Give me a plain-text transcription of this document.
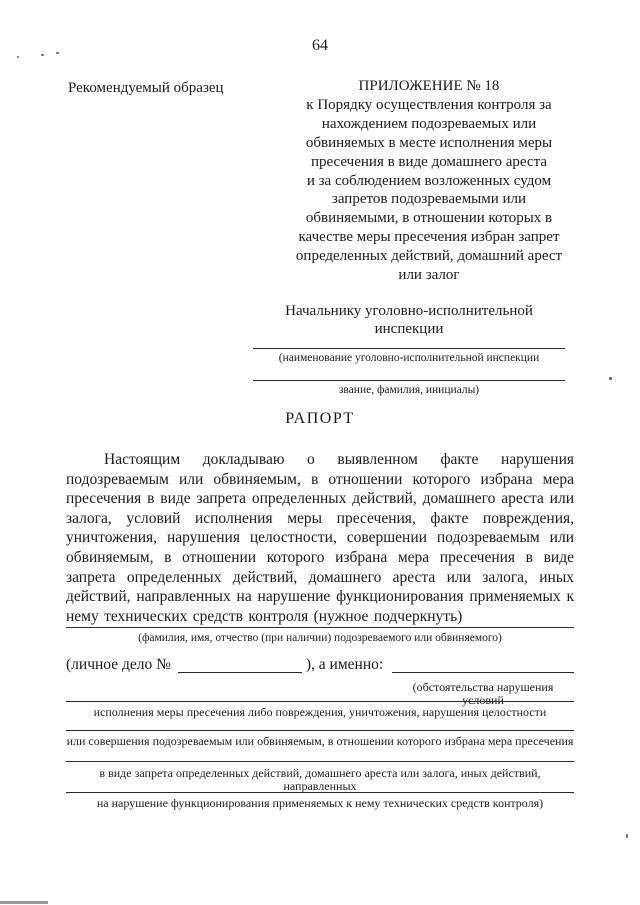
64
Рекомендуемый образец	ПРИЛОЖЕНИЕ № 18
к Порядку осуществления контроля за
нахождением подозреваемых или
обвиняемых в месте исполнения меры
пресечения в виде домашнего ареста
и за соблюдением возложенных судом
запретов подозреваемыми или
обвиняемыми, в отношении которых в
качестве меры пресечения избран запрет
определенных действий, домашний арест
или залог
Начальнику уголовно-исполнительной инспекции
(наименование уголовно-исполнительной инспекции
звание, фамилия, инициалы)
РАПОРТ

Настоящим докладываю о выявленном факте нарушения подозреваемым или обвиняемым, в отношении которого избрана мера пресечения в виде запрета определенных действий, домашнего ареста или залога, условий исполнения меры пресечения, факте повреждения, уничтожения, нарушения целостности, совершении подозреваемым или обвиняемым, в отношении которого избрана мера пресечения в виде запрета определенных действий, домашнего ареста или залога, иных действий, направленных на нарушение функционирования применяемых к нему технических средств контроля (нужное подчеркнуть)

(фамилия, имя, отчество (при наличии) подозреваемого или обвиняемого)
(личное дело №	), а именно:
(обстоятельства нарушения условий
исполнения меры пресечения либо повреждения, уничтожения, нарушения целостности
или совершения подозреваемым или обвиняемым, в отношении которого избрана мера пресечения
в виде запрета определенных действий, домашнего ареста или залога, иных действий, направленных
на нарушение функционирования применяемых к нему технических средств контроля)
